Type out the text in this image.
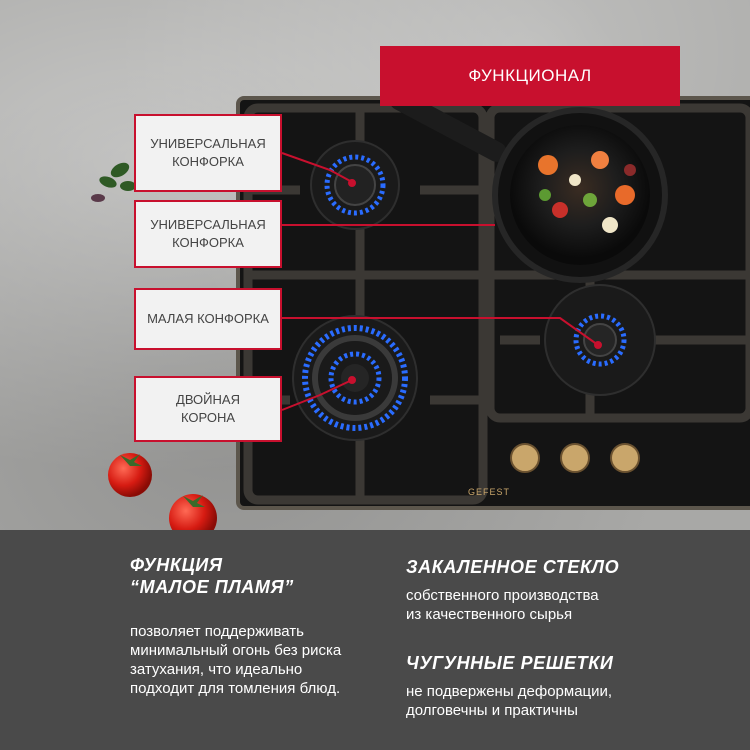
GEFEST
ФУНКЦИОНАЛ
УНИВЕРСАЛЬНАЯ
КОНФОРКА
УНИВЕРСАЛЬНАЯ
КОНФОРКА
МАЛАЯ КОНФОРКА
ДВОЙНАЯ
КОРОНА
ФУНКЦИЯ
“МАЛОЕ ПЛАМЯ”
позволяет поддерживать
минимальный огонь без риска
затухания, что идеально
подходит для томления блюд.
ЗАКАЛЕННОЕ СТЕКЛО
собственного производства
из качественного сырья
ЧУГУННЫЕ РЕШЕТКИ
не подвержены деформации,
долговечны и практичны
